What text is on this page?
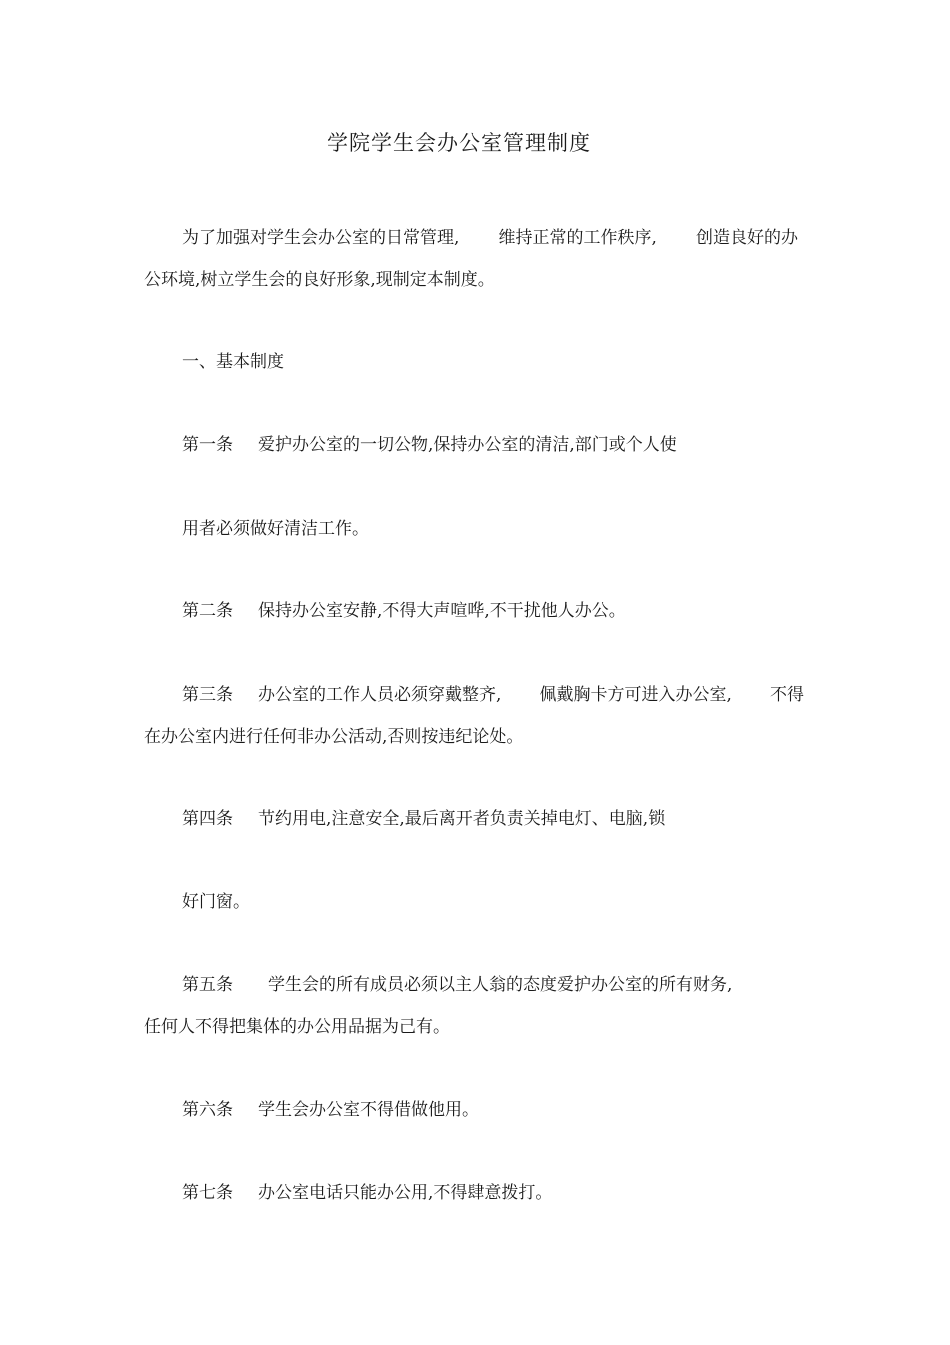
学院学生会办公室管理制度
为了加强对学生会办公室的日常管理, 维持正常的工作秩序, 创造良好的办
公环境,树立学生会的良好形象,现制定本制度。
一、基本制度
第一条 爱护办公室的一切公物,保持办公室的清洁,部门或个人使
用者必须做好清洁工作。
第二条 保持办公室安静,不得大声喧哗,不干扰他人办公。
第三条 办公室的工作人员必须穿戴整齐, 佩戴胸卡方可进入办公室, 不得
在办公室内进行任何非办公活动,否则按违纪论处。
第四条 节约用电,注意安全,最后离开者负责关掉电灯、电脑,锁
好门窗。
第五条 学生会的所有成员必须以主人翁的态度爱护办公室的所有财务,
任何人不得把集体的办公用品据为己有。
第六条 学生会办公室不得借做他用。
第七条 办公室电话只能办公用,不得肆意拨打。
